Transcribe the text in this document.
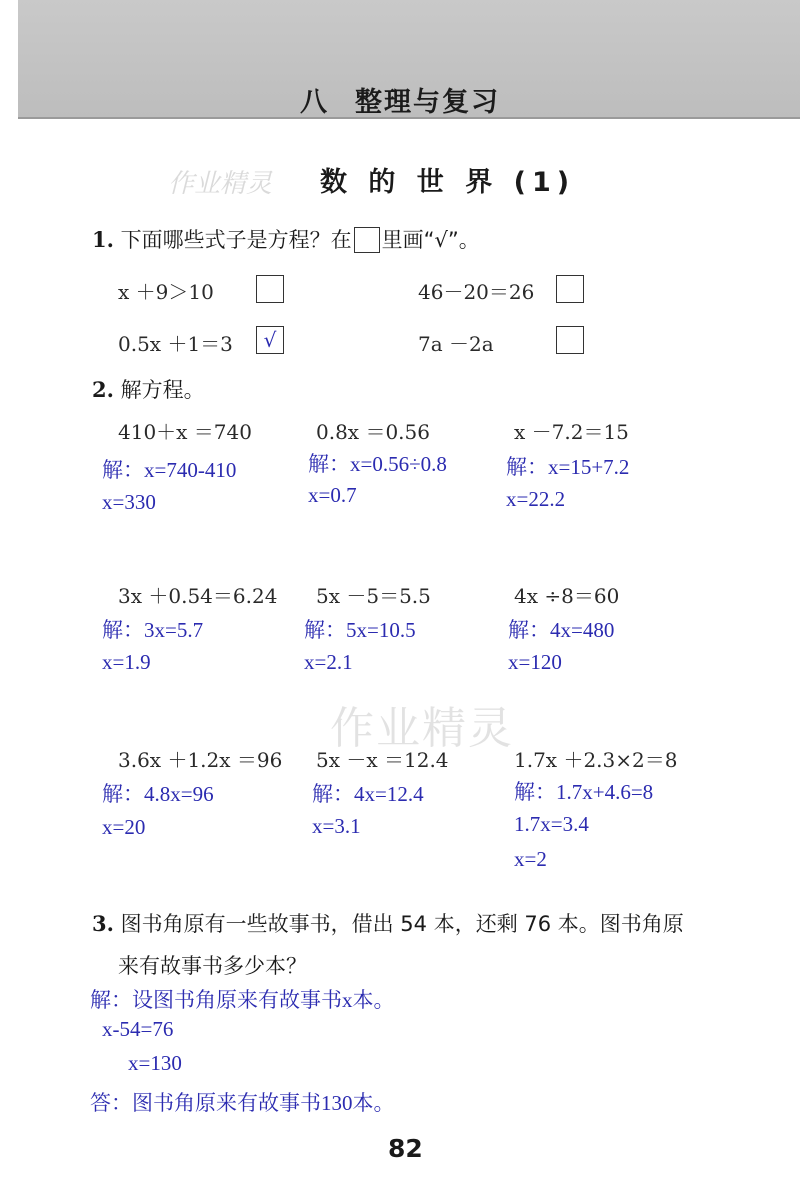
八 整理与复习
作业精灵
作业精灵
数 的 世 界 (1)
1. 下面哪些式子是方程？在 里画“√”。
x ＋9＞10	46－20＝26
0.5x ＋1＝3	√	7a －2a
2. 解方程。
410＋x ＝740
解：x=740-410
x=330
0.8x ＝0.56
解：x=0.56÷0.8
x=0.7
x －7.2＝15
解：x=15+7.2
x=22.2
3x ＋0.54＝6.24
解：3x=5.7
x=1.9
5x －5＝5.5
解：5x=10.5
x=2.1
4x ÷8＝60
解：4x=480
x=120
3.6x ＋1.2x ＝96
解：4.8x=96
x=20
5x －x ＝12.4
解：4x=12.4
x=3.1
1.7x ＋2.3×2＝8
解：1.7x+4.6=8
1.7x=3.4
x=2
3. 图书角原有一些故事书，借出 54 本，还剩 76 本。图书角原
来有故事书多少本？
解：设图书角原来有故事书x本。
x-54=76
x=130
答：图书角原来有故事书130本。
82
